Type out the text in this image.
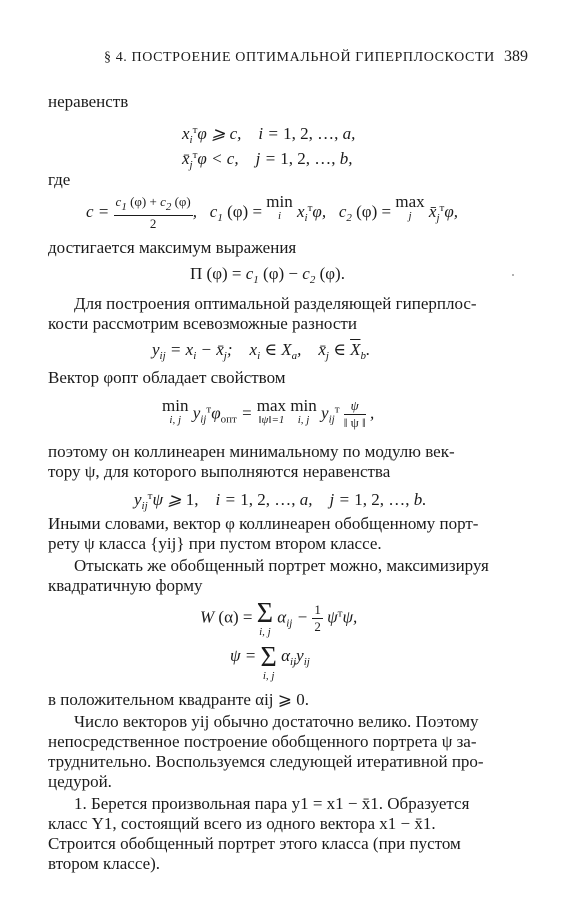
§ 4. ПОСТРОЕНИЕ ОПТИМАЛЬНОЙ ГИПЕРПЛОСКОСТИ 389
неравенств
$x_i^т\varphi$ ⩾ c,    i = 1, 2, …, a,
$x̄_j^т\varphi < c$,    j = 1, 2, …, b,
где
$c = \frac{c_1 (\varphi) + c_2 (\varphi)}{2}$ ,   $c_1$ (φ) = min
i $x_i^т\varphi$,   $c_2$ (φ) = max
j $x̄_j^т\varphi$,
достигается максимум выражения
Π $(\varphi) = c_1$ $(\varphi) - c_2$ (φ).
Для построения оптимальной разделяющей гиперплос-
кости рассмотрим всевозможные разности
$y_{ij} = x_i$ − $x̄_j$;    $x_i$ ∈ $X_a$,    $x̄_j$ ∈ $\overline{X}_b$.
Вектор φопт обладает свойством
min
i, j $y_{ij}^т\varphi_{опт} = \max$
‖ψ‖=1
min
i, j $y_{ij}^т \frac{\psi}{‖ \psi ‖}$ ,
поэтому он коллинеарен минимальному по модулю век-
тору ψ, для которого выполняются неравенства
$y_{ij}^т\psi$ ⩾ 1,    i = 1, 2, …, a,    j = 1, 2, …, b.
Иными словами, вектор φ коллинеарен обобщенному порт-
рету ψ класса {yij} при пустом втором классе.
Отыскать же обобщенный портрет можно, максимизируя
квадратичную форму
W (α) = Σ
i, j
$\alpha_{ij} - \frac{1}{2} \psi^т\psi$,
ψ = Σ
i, j
$\alpha_{ij}y_{ij}$
в положительном квадранте αij ⩾ 0.
Число векторов yij обычно достаточно велико. Поэтому
непосредственное построение обобщенного портрета ψ за-
труднительно. Воспользуемся следующей итеративной про-
цедурой.
1. Берется произвольная пара y1 = x1 − x̄1. Образуется
класс Y1, состоящий всего из одного вектора x1 − x̄1.
Строится обобщенный портрет этого класса (при пустом
втором классе).
